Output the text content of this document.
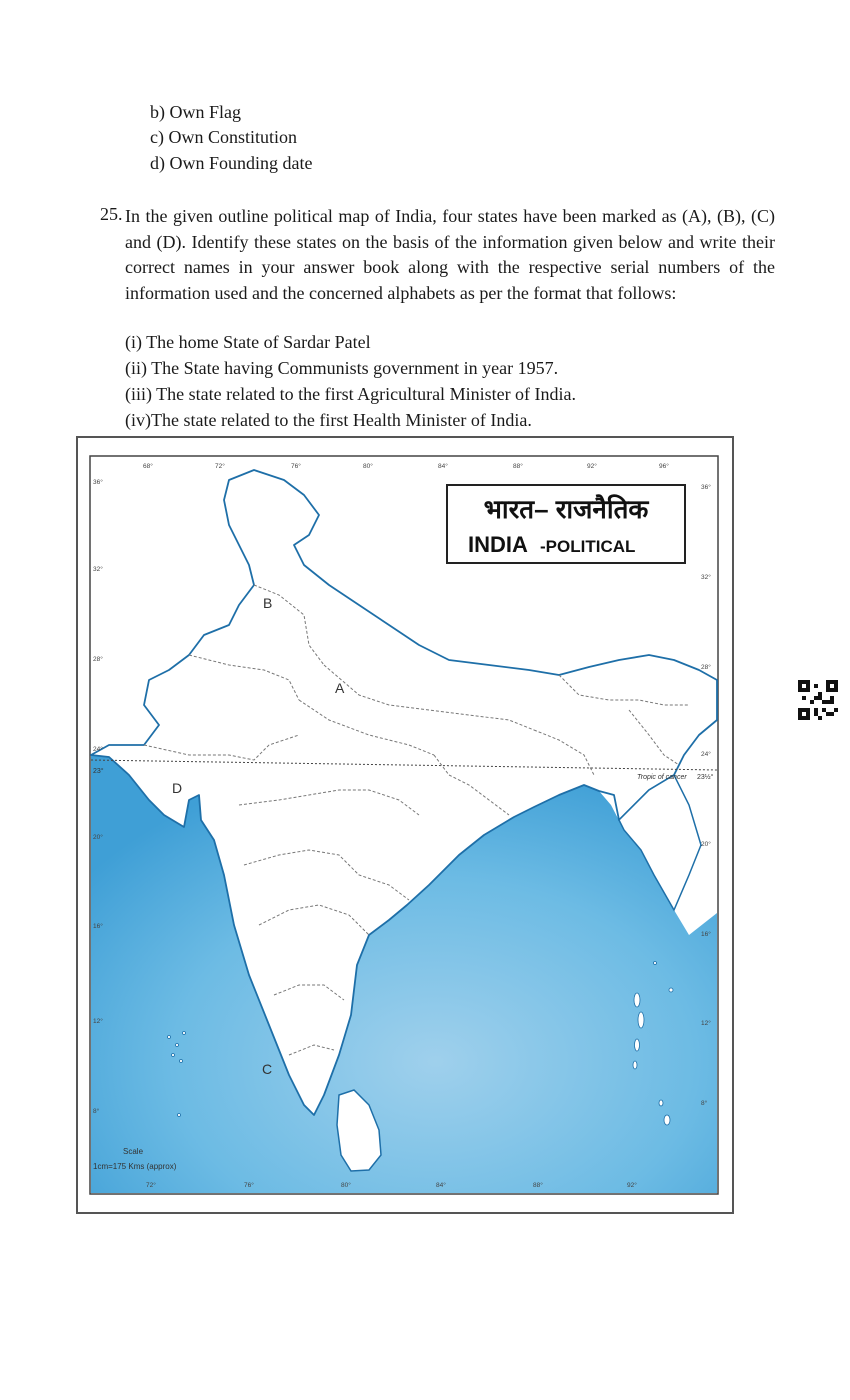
b) Own Flag
c) Own Constitution
d) Own Founding date
25. In the given outline political map of India, four states have been marked as (A), (B), (C) and (D). Identify these states on the basis of the information given below and write their correct names in your answer book along with the respective serial numbers of the information used and the concerned alphabets as per the format that follows:
(i) The home State of Sardar Patel
(ii) The State having Communists government in year 1957.
(iii) The state related to the first Agricultural Minister of India.
(iv)The state related to the first Health Minister of India.
Tropic of cancer
23°
23½°
भारत– राजनैतिक
INDIA -POLITICAL
A
B
C
D
68°	72°	76°	80°	84°	88°	92°	96°
72°	76°	80°	84°	88°	92°
36°
32°
28°
24°
20°
16°
12°
8°
36°
32°
28°
24°
20°
16°
12°
8°
Scale
1cm=175 Kms (approx)
